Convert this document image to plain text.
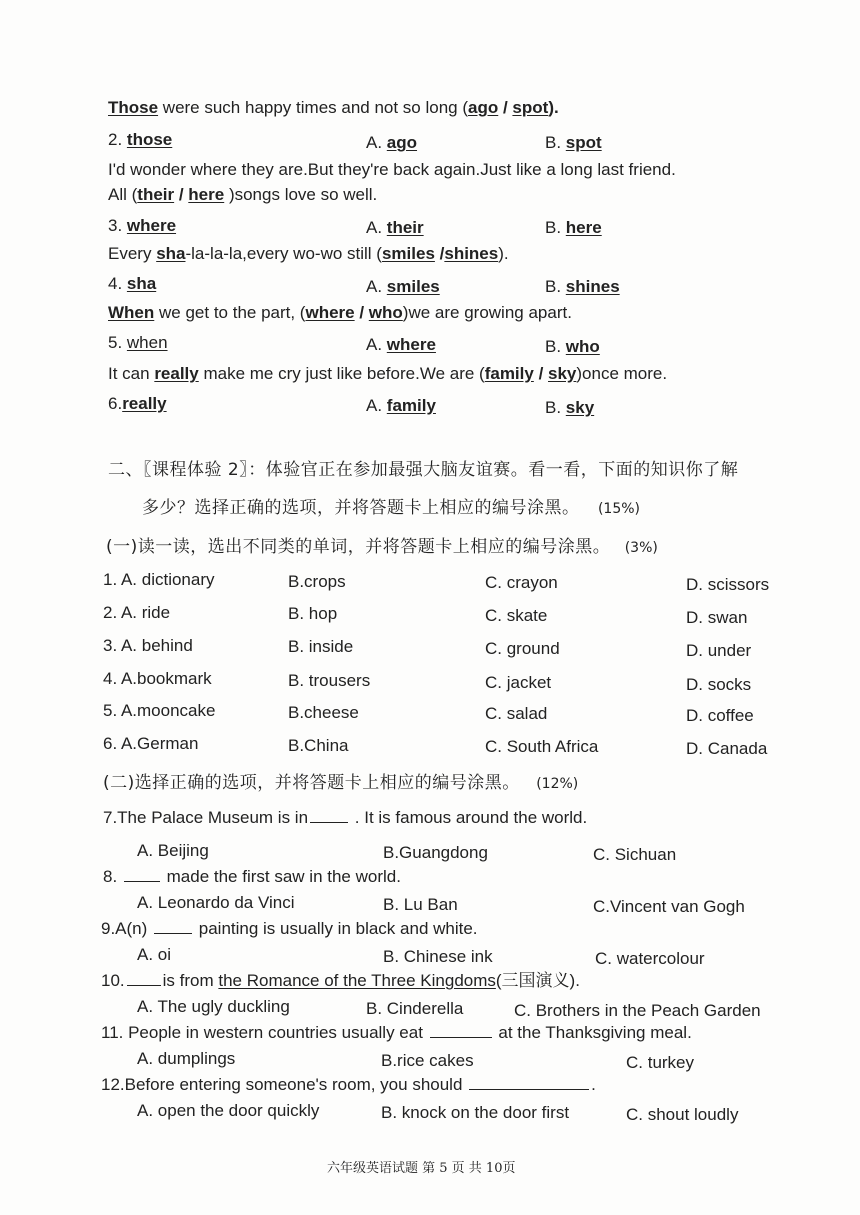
Those were such happy times and not so long (ago / spot).
2. those	A. ago	B. spot
I'd wonder where they are.But they're back again.Just like a long last friend.
All (their / here )songs love so well.
3. where	A. their	B. here
Every sha-la-la-la,every wo-wo still (smiles /shines).
4. sha	A. smiles	B. shines
When we get to the part, (where / who)we are growing apart.
5. when	A. where	B. who
It can really make me cry just like before.We are (family / sky)once more.
6.really	A. family	B. sky
二、〖课程体验 2〗：体验官正在参加最强大脑友谊赛。看一看，下面的知识你了解
多少？选择正确的选项，并将答题卡上相应的编号涂黑。 (15%)
(一)读一读，选出不同类的单词，并将答题卡上相应的编号涂黑。 (3%)
1. A. dictionary	B.crops	C. crayon	D. scissors
2. A. ride	B. hop	C. skate	D. swan
3. A. behind	B. inside	C. ground	D. under
4. A.bookmark	B. trousers	C. jacket	D. socks
5. A.mooncake	B.cheese	C. salad	D. coffee
6. A.German	B.China	C. South Africa	D. Canada
(二)选择正确的选项，并将答题卡上相应的编号涂黑。 (12%)
7.The Palace Museum is in . It is famous around the world.
A. Beijing	B.Guangdong	C. Sichuan
8.  made the first saw in the world.
A. Leonardo da Vinci	B. Lu Ban	C.Vincent van Gogh
9.A(n)  painting is usually in black and white.
A. oi	B. Chinese ink	C. watercolour
10. is from the Romance of the Three Kingdoms(三国演义).
A. The ugly duckling	B. Cinderella	C. Brothers in the Peach Garden
11. People in western countries usually eat	at the Thanksgiving meal.
A. dumplings	B.rice cakes	C. turkey
12.Before entering someone's room, you should	.
A. open the door quickly	B. knock on the door first	C. shout loudly
六年级英语试题 第 5 页 共 10页
